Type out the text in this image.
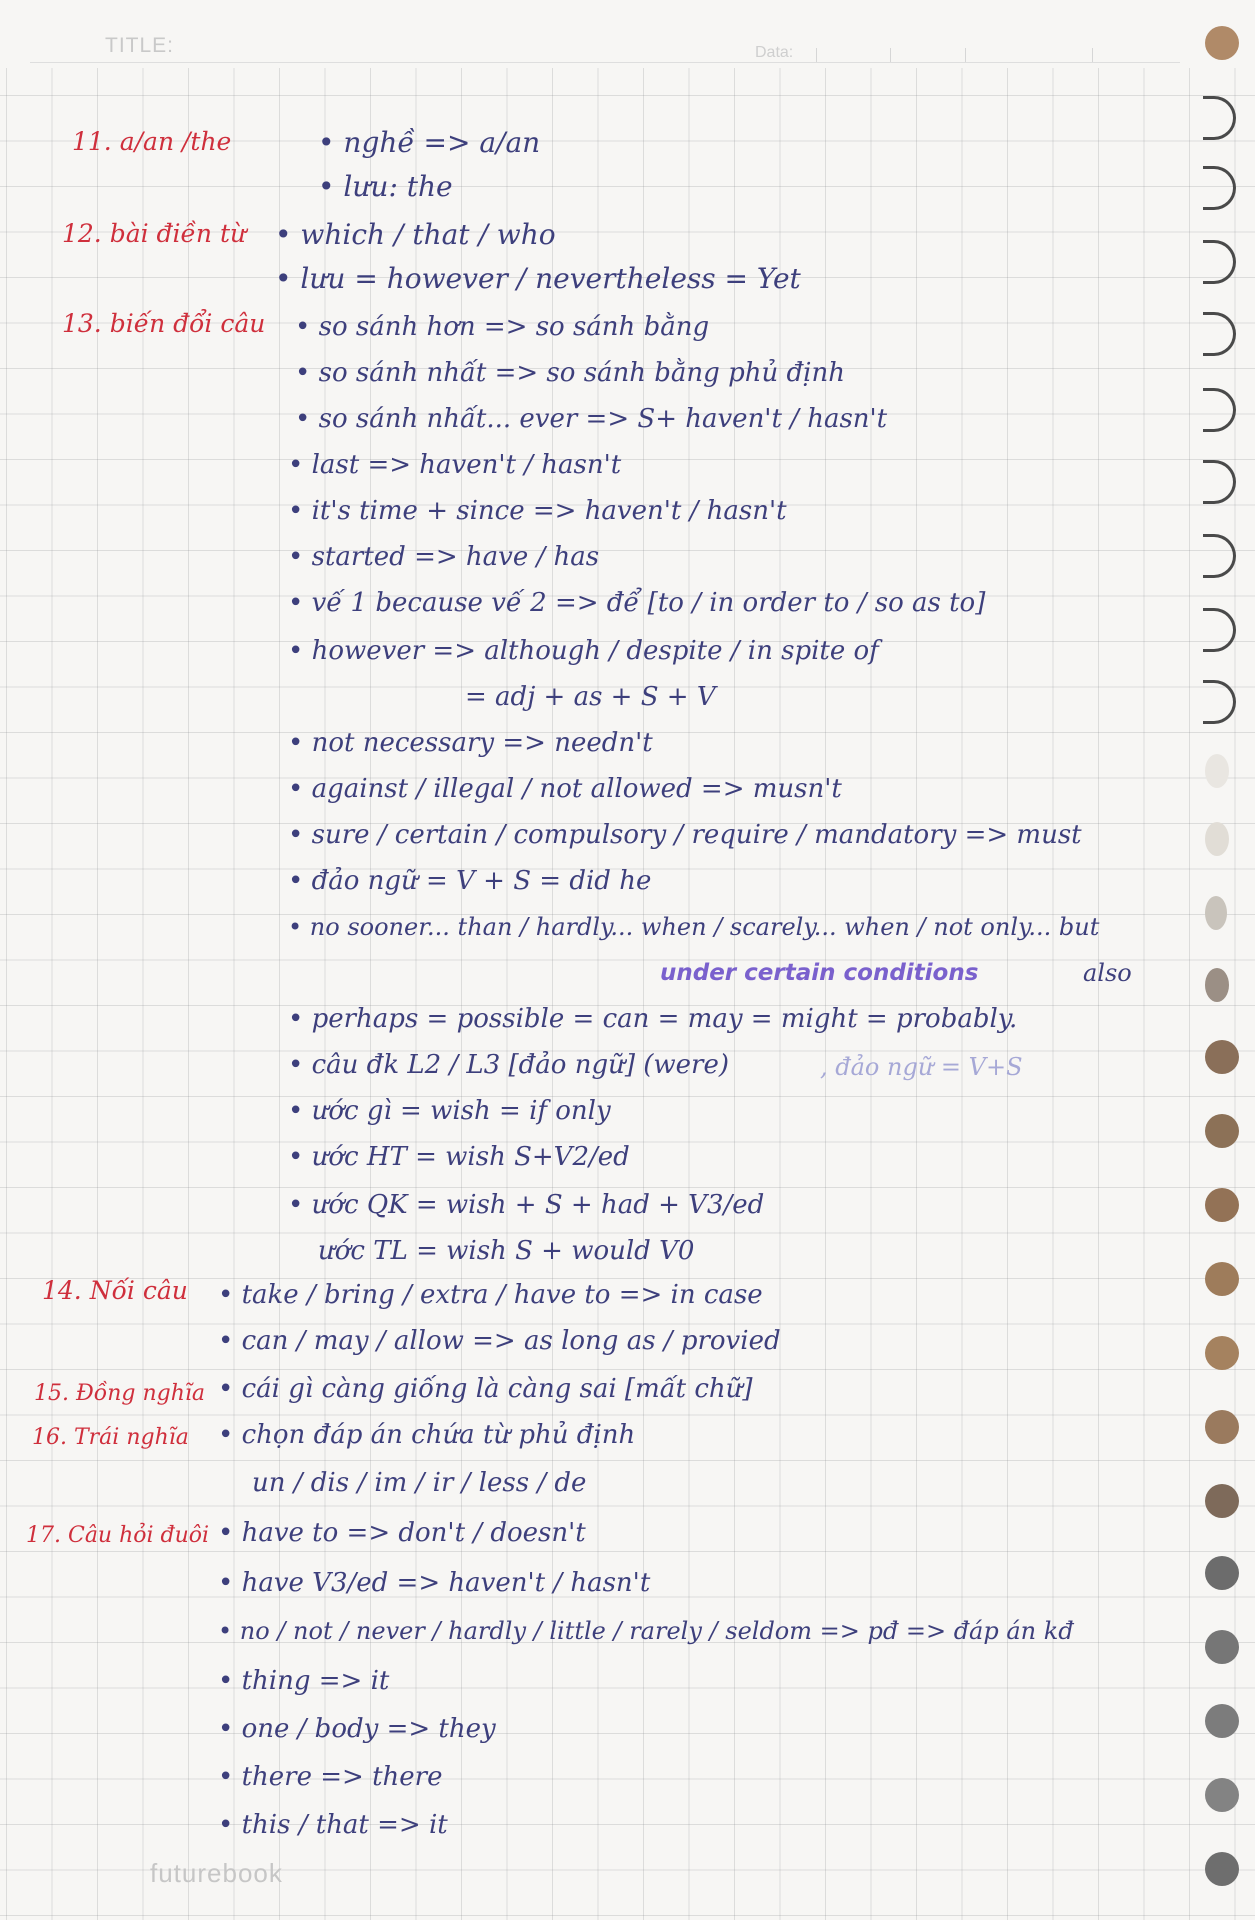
TITLE:	Data:
11. a/an /the
12. bài điền từ
13. biến đổi câu
14. Nối câu
15. Đồng nghĩa
16. Trái nghĩa
17. Câu hỏi đuôi
• nghề => a/an
• lưu: the
• which / that / who
• lưu = however / nevertheless = Yet
• so sánh hơn => so sánh bằng
• so sánh nhất => so sánh bằng phủ định
• so sánh nhất... ever => S+ haven't / hasn't
• last => haven't / hasn't
• it's time + since => haven't / hasn't
• started => have / has
• vế 1 because vế 2 => để [to / in order to / so as to]
• however => although / despite / in spite of
= adj + as + S + V
• not necessary => needn't
• against / illegal / not allowed => musn't
• sure / certain / compulsory / require / mandatory => must
• đảo ngữ = V + S = did he
• no sooner... than / hardly... when / scarely... when / not only... but
under certain conditions	also
• perhaps = possible = can = may = might = probably.
• câu đk L2 / L3 [đảo ngữ] (were)	, đảo ngữ = V+S
• ước gì = wish = if only
• ước HT = wish S+V2/ed
• ước QK = wish + S + had + V3/ed
ước TL = wish S + would V0
• take / bring / extra / have to => in case
• can / may / allow => as long as / provied
• cái gì càng giống là càng sai [mất chữ]
• chọn đáp án chứa từ phủ định
un / dis / im / ir / less / de
• have to => don't / doesn't
• have V3/ed => haven't / hasn't
• no / not / never / hardly / little / rarely / seldom => pđ => đáp án kđ
• thing => it
• one / body => they
• there => there
• this / that => it
futurebook
